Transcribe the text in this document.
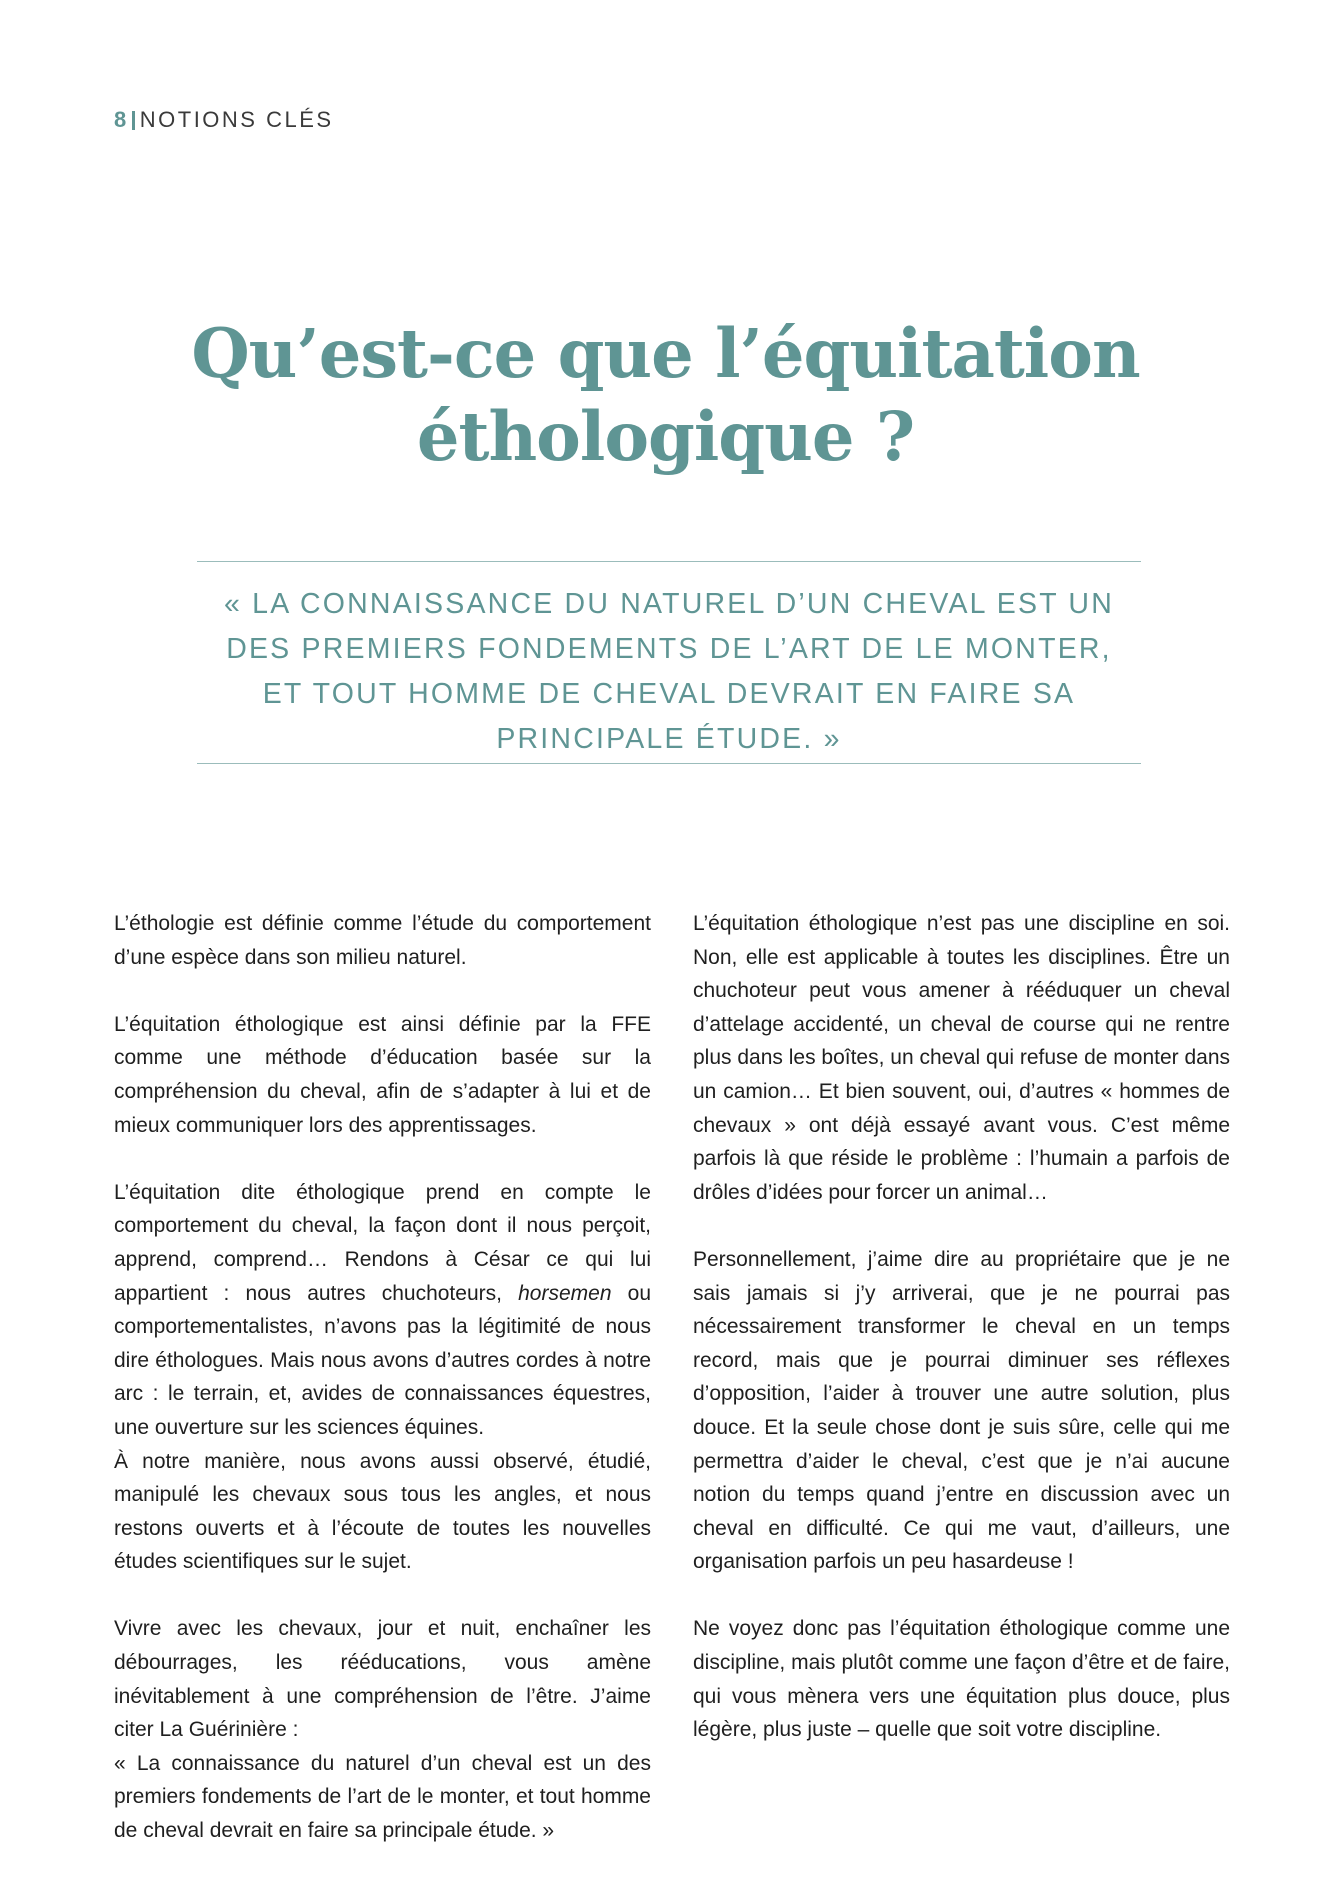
8 NOTIONS CLÉS
Qu’est-ce que l’équitation
éthologique ?
« LA CONNAISSANCE DU NATUREL D’UN CHEVAL EST UN DES PREMIERS FONDEMENTS DE L’ART DE LE MONTER, ET TOUT HOMME DE CHEVAL DEVRAIT EN FAIRE SA PRINCIPALE ÉTUDE. »

L’éthologie est définie comme l’étude du comportement d’une espèce dans son milieu naturel.

L’équitation éthologique est ainsi définie par la FFE comme une méthode d’éducation basée sur la compréhension du cheval, afin de s’adapter à lui et de mieux communiquer lors des apprentissages.

L’équitation dite éthologique prend en compte le comportement du cheval, la façon dont il nous perçoit, apprend, comprend… Rendons à César ce qui lui appartient : nous autres chuchoteurs, horsemen ou comportementalistes, n’avons pas la légitimité de nous dire éthologues. Mais nous avons d’autres cordes à notre arc : le terrain, et, avides de connaissances équestres, une ouverture sur les sciences équines.

À notre manière, nous avons aussi observé, étudié, manipulé les chevaux sous tous les angles, et nous restons ouverts et à l’écoute de toutes les nouvelles études scientifiques sur le sujet.

Vivre avec les chevaux, jour et nuit, enchaîner les débourrages, les rééducations, vous amène inévitablement à une compréhension de l’être. J’aime citer La Guérinière :

« La connaissance du naturel d’un cheval est un des premiers fondements de l’art de le monter, et tout homme de cheval devrait en faire sa principale étude. »

L’équitation éthologique n’est pas une discipline en soi. Non, elle est applicable à toutes les disciplines. Être un chuchoteur peut vous amener à rééduquer un cheval d’attelage accidenté, un cheval de course qui ne rentre plus dans les boîtes, un cheval qui refuse de monter dans un camion… Et bien souvent, oui, d’autres « hommes de chevaux » ont déjà essayé avant vous. C’est même parfois là que réside le problème : l’humain a parfois de drôles d’idées pour forcer un animal…

Personnellement, j’aime dire au propriétaire que je ne sais jamais si j’y arriverai, que je ne pourrai pas nécessairement transformer le cheval en un temps record, mais que je pourrai diminuer ses réflexes d’opposition, l’aider à trouver une autre solution, plus douce. Et la seule chose dont je suis sûre, celle qui me permettra d’aider le cheval, c’est que je n’ai aucune notion du temps quand j’entre en discussion avec un cheval en difficulté. Ce qui me vaut, d’ailleurs, une organisation parfois un peu hasardeuse !

Ne voyez donc pas l’équitation éthologique comme une discipline, mais plutôt comme une façon d’être et de faire, qui vous mènera vers une équitation plus douce, plus légère, plus juste – quelle que soit votre discipline.
